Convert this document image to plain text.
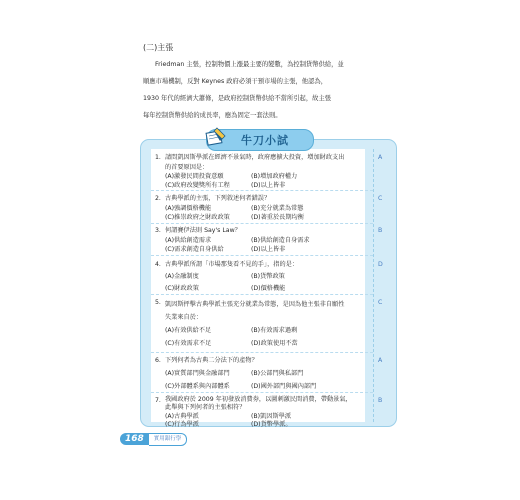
(二)主張

Friedman 主張，控制物價上漲最主要的變數，為控制貨幣供給，並

順應市場機制，反對 Keynes 政府必須干預市場的主張，他認為，

1930 年代的經濟大蕭條，是政府控制貨幣供給不當所引起，故主張

每年控制貨幣供給的成長率，應為固定一套法則。

牛刀小試
1. 請問凱因斯學派在經濟不景氣時，政府應擴大投資，增加財政支出
的首要原因是：
A
(A)激發民間投資意願	(B)增加政府權力
(C)政府改變獎所有工程	(D)以上皆非
2. 古典學派的主張，下列敘述何者錯誤？	C
(A)強調價格機能	(B)充分就業為常態
(C)推崇政府之財政政策	(D)著重於長期均衡
3. 何謂賽伊法則 Say's Law？	B
(A)供給創造需求	(B)供給創造自身需求
(C)需求創造自身供給	(D)以上皆非
4. 古典學派所謂「市場那隻看不見的手」，指的是：	D
(A)金融制度	(B)貨幣政策
(C)財政政策	(D)價格機能
5. 凱因斯抨擊古典學派主張充分就業為常態，是因為他主張非自願性
失業來自於：
C
(A)有效供給不足	(B)有效需求過剩
(C)有效需求不足	(D)政策使用不當
6. 下列何者為古典二分法下的產物？	A
(A)實質部門與金融部門	(B)公部門與私部門
(C)外部體系與內部體系	(D)國外部門與國內部門
7. 我國政府於 2009 年初發放消費券，以圖刺激民間消費，帶動景氣，
此舉與下列何者的主張相符？
B
(A)古典學派	(B)凱因斯學派
(C)行為學派	(D)貨幣學派。
168	實用銀行學
